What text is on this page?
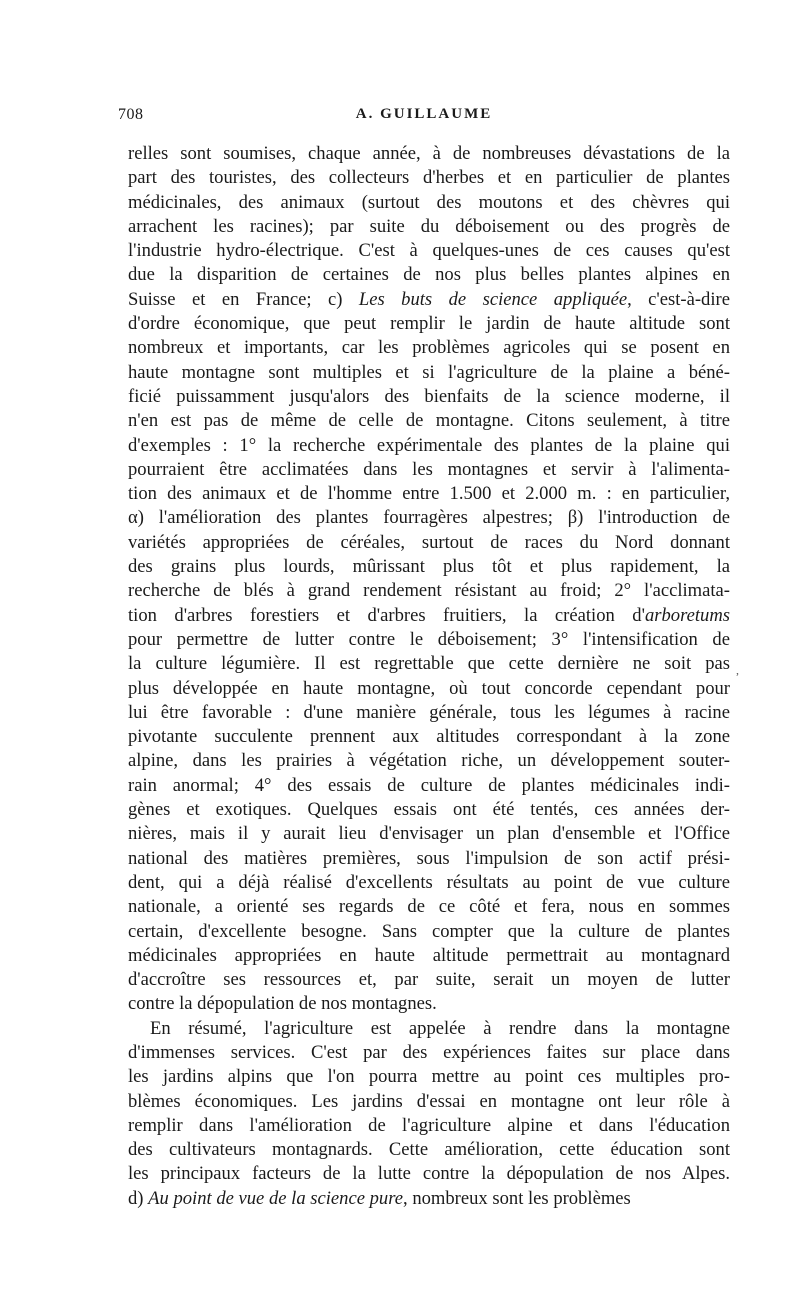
708	A. GUILLAUME
relles sont soumises, chaque année, à de nombreuses dévastations de la
part des touristes, des collecteurs d'herbes et en particulier de plantes
médicinales, des animaux (surtout des moutons et des chèvres qui
arrachent les racines); par suite du déboisement ou des progrès de
l'industrie hydro-électrique. C'est à quelques-unes de ces causes qu'est
due la disparition de certaines de nos plus belles plantes alpines en
Suisse et en France; c) Les buts de science appliquée, c'est-à-dire
d'ordre économique, que peut remplir le jardin de haute altitude sont
nombreux et importants, car les problèmes agricoles qui se posent en
haute montagne sont multiples et si l'agriculture de la plaine a béné-
ficié puissamment jusqu'alors des bienfaits de la science moderne, il
n'en est pas de même de celle de montagne. Citons seulement, à titre
d'exemples : 1° la recherche expérimentale des plantes de la plaine qui
pourraient être acclimatées dans les montagnes et servir à l'alimenta-
tion des animaux et de l'homme entre 1.500 et 2.000 m. : en particulier,
α) l'amélioration des plantes fourragères alpestres; β) l'introduction de
variétés appropriées de céréales, surtout de races du Nord donnant
des grains plus lourds, mûrissant plus tôt et plus rapidement, la
recherche de blés à grand rendement résistant au froid; 2° l'acclimata-
tion d'arbres forestiers et d'arbres fruitiers, la création d'arboretums
pour permettre de lutter contre le déboisement; 3° l'intensification de
la culture légumière. Il est regrettable que cette dernière ne soit pas
plus développée en haute montagne, où tout concorde cependant pour
lui être favorable : d'une manière générale, tous les légumes à racine
pivotante succulente prennent aux altitudes correspondant à la zone
alpine, dans les prairies à végétation riche, un développement souter-
rain anormal; 4° des essais de culture de plantes médicinales indi-
gènes et exotiques. Quelques essais ont été tentés, ces années der-
nières, mais il y aurait lieu d'envisager un plan d'ensemble et l'Office
national des matières premières, sous l'impulsion de son actif prési-
dent, qui a déjà réalisé d'excellents résultats au point de vue culture
nationale, a orienté ses regards de ce côté et fera, nous en sommes
certain, d'excellente besogne. Sans compter que la culture de plantes
médicinales appropriées en haute altitude permettrait au montagnard
d'accroître ses ressources et, par suite, serait un moyen de lutter
contre la dépopulation de nos montagnes.
En résumé, l'agriculture est appelée à rendre dans la montagne
d'immenses services. C'est par des expériences faites sur place dans
les jardins alpins que l'on pourra mettre au point ces multiples pro-
blèmes économiques. Les jardins d'essai en montagne ont leur rôle à
remplir dans l'amélioration de l'agriculture alpine et dans l'éducation
des cultivateurs montagnards. Cette amélioration, cette éducation sont
les principaux facteurs de la lutte contre la dépopulation de nos Alpes.
d) Au point de vue de la science pure, nombreux sont les problèmes
,
